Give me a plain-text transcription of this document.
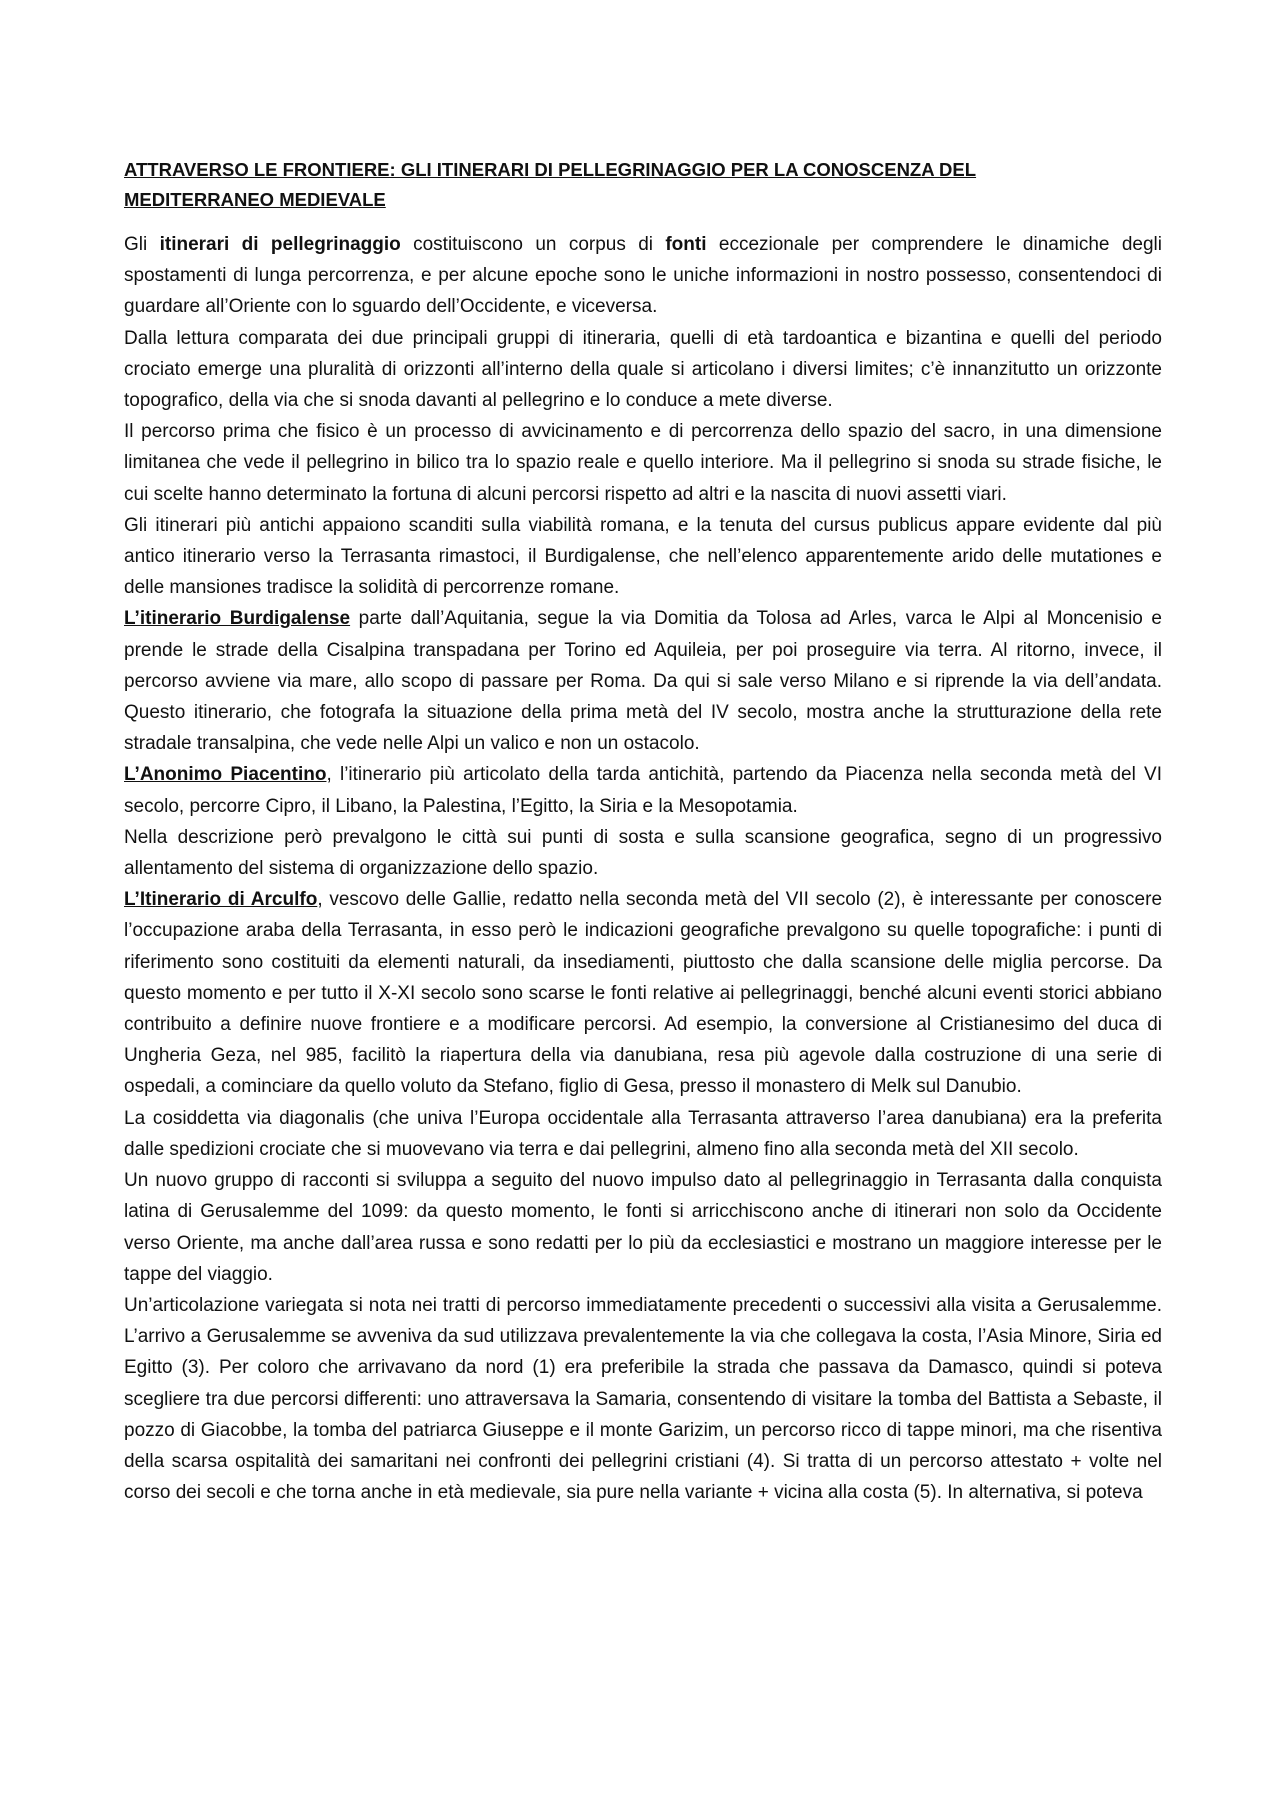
ATTRAVERSO LE FRONTIERE: GLI ITINERARI DI PELLEGRINAGGIO PER LA CONOSCENZA DEL
MEDITERRANEO MEDIEVALE

Gli itinerari di pellegrinaggio costituiscono un corpus di fonti eccezionale per comprendere le dinamiche degli spostamenti di lunga percorrenza, e per alcune epoche sono le uniche informazioni in nostro possesso, consentendoci di guardare all’Oriente con lo sguardo dell’Occidente, e viceversa.

Dalla lettura comparata dei due principali gruppi di itineraria, quelli di età tardoantica e bizantina e quelli del periodo crociato emerge una pluralità di orizzonti all’interno della quale si articolano i diversi limites; c’è innanzitutto un orizzonte topografico, della via che si snoda davanti al pellegrino e lo conduce a mete diverse.

Il percorso prima che fisico è un processo di avvicinamento e di percorrenza dello spazio del sacro, in una dimensione limitanea che vede il pellegrino in bilico tra lo spazio reale e quello interiore. Ma il pellegrino si snoda su strade fisiche, le cui scelte hanno determinato la fortuna di alcuni percorsi rispetto ad altri e la nascita di nuovi assetti viari.

Gli itinerari più antichi appaiono scanditi sulla viabilità romana, e la tenuta del cursus publicus appare evidente dal più antico itinerario verso la Terrasanta rimastoci, il Burdigalense, che nell’elenco apparentemente arido delle mutationes e delle mansiones tradisce la solidità di percorrenze romane.

L’itinerario Burdigalense parte dall’Aquitania, segue la via Domitia da Tolosa ad Arles, varca le Alpi al Moncenisio e prende le strade della Cisalpina transpadana per Torino ed Aquileia, per poi proseguire via terra. Al ritorno, invece, il percorso avviene via mare, allo scopo di passare per Roma. Da qui si sale verso Milano e si riprende la via dell’andata. Questo itinerario, che fotografa la situazione della prima metà del IV secolo, mostra anche la strutturazione della rete stradale transalpina, che vede nelle Alpi un valico e non un ostacolo.

L’Anonimo Piacentino, l’itinerario più articolato della tarda antichità, partendo da Piacenza nella seconda metà del VI secolo, percorre Cipro, il Libano, la Palestina, l’Egitto, la Siria e la Mesopotamia.

Nella descrizione però prevalgono le città sui punti di sosta e sulla scansione geografica, segno di un progressivo allentamento del sistema di organizzazione dello spazio.

L’Itinerario di Arculfo, vescovo delle Gallie, redatto nella seconda metà del VII secolo (2), è interessante per conoscere l’occupazione araba della Terrasanta, in esso però le indicazioni geografiche prevalgono su quelle topografiche: i punti di riferimento sono costituiti da elementi naturali, da insediamenti, piuttosto che dalla scansione delle miglia percorse. Da questo momento e per tutto il X-XI secolo sono scarse le fonti relative ai pellegrinaggi, benché alcuni eventi storici abbiano contribuito a definire nuove frontiere e a modificare percorsi. Ad esempio, la conversione al Cristianesimo del duca di Ungheria Geza, nel 985, facilitò la riapertura della via danubiana, resa più agevole dalla costruzione di una serie di ospedali, a cominciare da quello voluto da Stefano, figlio di Gesa, presso il monastero di Melk sul Danubio.

La cosiddetta via diagonalis (che univa l’Europa occidentale alla Terrasanta attraverso l’area danubiana) era la preferita dalle spedizioni crociate che si muovevano via terra e dai pellegrini, almeno fino alla seconda metà del XII secolo.

Un nuovo gruppo di racconti si sviluppa a seguito del nuovo impulso dato al pellegrinaggio in Terrasanta dalla conquista latina di Gerusalemme del 1099: da questo momento, le fonti si arricchiscono anche di itinerari non solo da Occidente verso Oriente, ma anche dall’area russa e sono redatti per lo più da ecclesiastici e mostrano un maggiore interesse per le tappe del viaggio.

Un’articolazione variegata si nota nei tratti di percorso immediatamente precedenti o successivi alla visita a Gerusalemme. L’arrivo a Gerusalemme se avveniva da sud utilizzava prevalentemente la via che collegava la costa, l’Asia Minore, Siria ed Egitto (3). Per coloro che arrivavano da nord (1) era preferibile la strada che passava da Damasco, quindi si poteva scegliere tra due percorsi differenti: uno attraversava la Samaria, consentendo di visitare la tomba del Battista a Sebaste, il pozzo di Giacobbe, la tomba del patriarca Giuseppe e il monte Garizim, un percorso ricco di tappe minori, ma che risentiva della scarsa ospitalità dei samaritani nei confronti dei pellegrini cristiani (4). Si tratta di un percorso attestato + volte nel corso dei secoli e che torna anche in età medievale, sia pure nella variante + vicina alla costa (5). In alternativa, si poteva
